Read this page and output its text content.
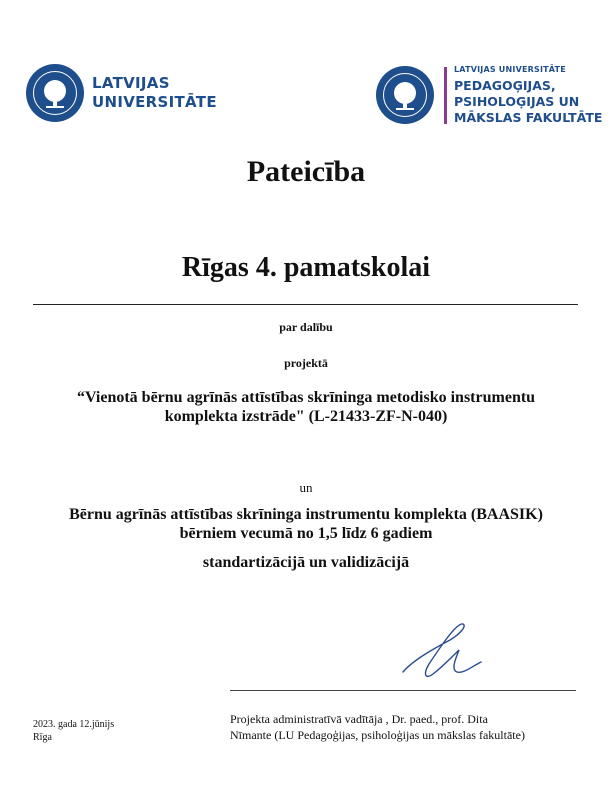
LATVIJAS
UNIVERSITĀTE
LATVIJAS UNIVERSITĀTE
PEDAGOĢIJAS,
PSIHOLOĢIJAS UN
MĀKSLAS FAKULTĀTE
Pateicība
Rīgas 4. pamatskolai
par dalību
projektā
“Vienotā bērnu agrīnās attīstības skrīninga metodisko instrumentu
komplekta izstrāde" (L-21433-ZF-N-040)
un
Bērnu agrīnās attīstības skrīninga instrumentu komplekta (BAASIK)
bērniem vecumā no 1,5 līdz 6 gadiem
standartizācijā un validizācijā
2023. gada 12.jūnijs
Rīga
Projekta administratīvā vadītāja , Dr. paed., prof. Dita
Nīmante (LU Pedagoģijas, psiholoģijas un mākslas fakultāte)
